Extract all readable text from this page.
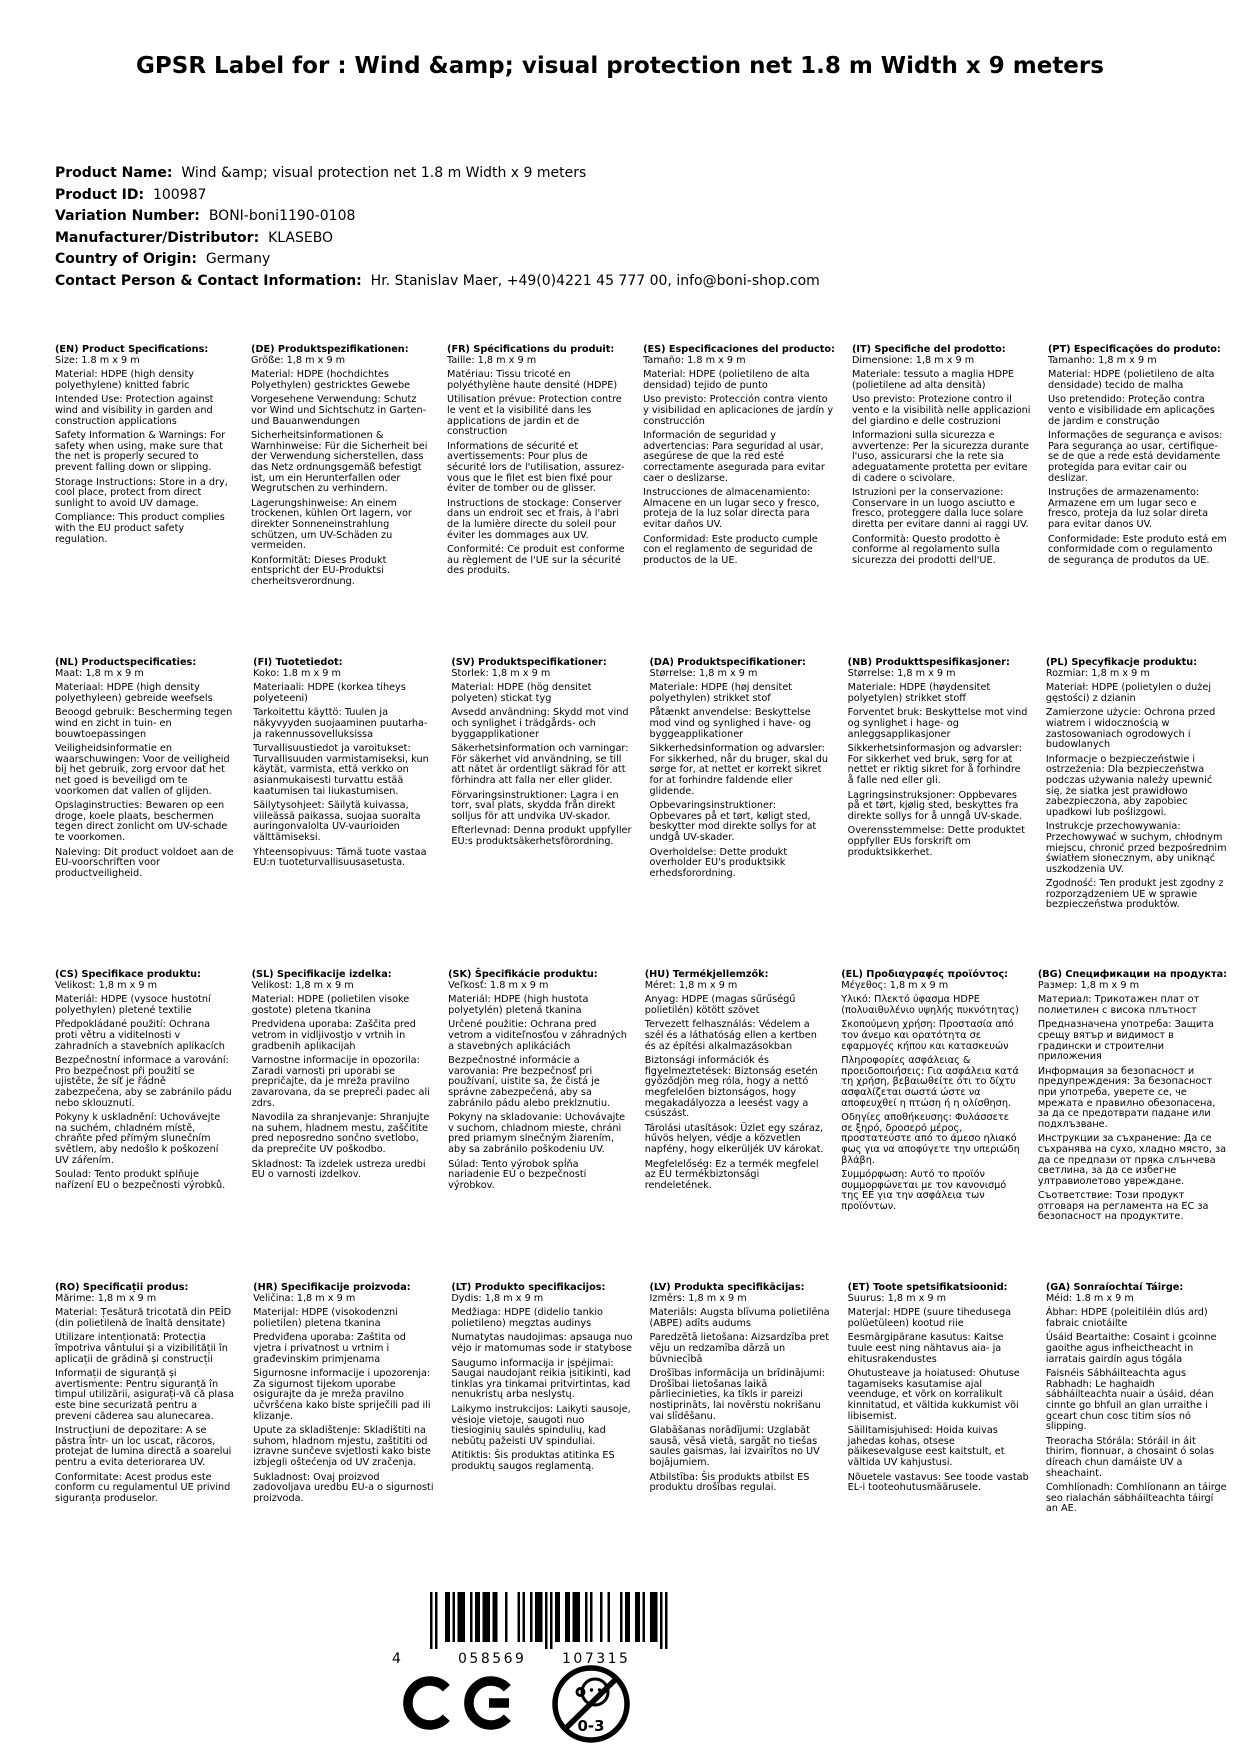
GPSR Label for : Wind &amp; visual protection net 1.8 m Width x 9 meters
Product Name:  Wind &amp; visual protection net 1.8 m Width x 9 meters
Product ID:  100987
Variation Number:  BONI-boni1190-0108
Manufacturer/Distributor:  KLASEBO
Country of Origin:  Germany
Contact Person & Contact Information:  Hr. Stanislav Maer, +49(0)4221 45 777 00, info@boni-shop.com
(EN) Product Specifications:
Size: 1.8 m x 9 m
Material: HDPE (high density polyethylene) knitted fabric
Intended Use: Protection against wind and visibility in garden and construction applications
Safety Information & Warnings: For safety when using, make sure that the net is properly secured to prevent falling down or slipping.
Storage Instructions: Store in a dry, cool place, protect from direct sunlight to avoid UV damage.
Compliance: This product complies with the EU product safety regulation.
(DE) Produktspezifikationen:
Größe: 1,8 m x 9 m
Material: HDPE (hochdichtes Polyethylen) gestricktes Gewebe
Vorgesehene Verwendung: Schutz vor Wind und Sichtschutz in Garten- und Bauanwendungen
Sicherheitsinformationen & Warnhinweise: Für die Sicherheit bei der Verwendung sicherstellen, dass das Netz ordnungsgemäß befestigt ist, um ein Herunterfallen oder Wegrutschen zu verhindern.
Lagerungshinweise: An einem trockenen, kühlen Ort lagern, vor direkter Sonneneinstrahlung schützen, um UV-Schäden zu vermeiden.
Konformität: Dieses Produkt entspricht der EU-Produktsi cherheitsverordnung.
(FR) Spécifications du produit:
Taille: 1,8 m x 9 m
Matériau: Tissu tricoté en polyéthylène haute densité (HDPE)
Utilisation prévue: Protection contre le vent et la visibilité dans les applications de jardin et de construction
Informations de sécurité et avertissements: Pour plus de sécurité lors de l'utilisation, assurez-vous que le filet est bien fixé pour éviter de tomber ou de glisser.
Instructions de stockage: Conserver dans un endroit sec et frais, à l'abri de la lumière directe du soleil pour éviter les dommages aux UV.
Conformité: Ce produit est conforme au règlement de l'UE sur la sécurité des produits.
(ES) Especificaciones del producto:
Tamaño: 1.8 m x 9 m
Material: HDPE (polietileno de alta densidad) tejido de punto
Uso previsto: Protección contra viento y visibilidad en aplicaciones de jardín y construcción
Información de seguridad y advertencias: Para seguridad al usar, asegúrese de que la red esté correctamente asegurada para evitar caer o deslizarse.
Instrucciones de almacenamiento: Almacene en un lugar seco y fresco, proteja de la luz solar directa para evitar daños UV.
Conformidad: Este producto cumple con el reglamento de seguridad de productos de la UE.
(IT) Specifiche del prodotto:
Dimensione: 1,8 m x 9 m
Materiale: tessuto a maglia HDPE (polietilene ad alta densità)
Uso previsto: Protezione contro il vento e la visibilità nelle applicazioni del giardino e delle costruzioni
Informazioni sulla sicurezza e avvertenze: Per la sicurezza durante l'uso, assicurarsi che la rete sia adeguatamente protetta per evitare di cadere o scivolare.
Istruzioni per la conservazione: Conservare in un luogo asciutto e fresco, proteggere dalla luce solare diretta per evitare danni ai raggi UV.
Conformità: Questo prodotto è conforme al regolamento sulla sicurezza dei prodotti dell'UE.
(PT) Especificações do produto:
Tamanho: 1,8 m x 9 m
Material: HDPE (polietileno de alta densidade) tecido de malha
Uso pretendido: Proteção contra vento e visibilidade em aplicações de jardim e construção
Informações de segurança e avisos: Para segurança ao usar, certifique-se de que a rede está devidamente protegida para evitar cair ou deslizar.
Instruções de armazenamento: Armazene em um lugar seco e fresco, proteja da luz solar direta para evitar danos UV.
Conformidade: Este produto está em conformidade com o regulamento de segurança de produtos da UE.
(NL) Productspecificaties:
Maat: 1,8 m x 9 m
Materiaal: HDPE (high density polyethyleen) gebreide weefsels
Beoogd gebruik: Bescherming tegen wind en zicht in tuin- en bouwtoepassingen
Veiligheidsinformatie en waarschuwingen: Voor de veiligheid bij het gebruik, zorg ervoor dat het net goed is beveiligd om te voorkomen dat vallen of glijden.
Opslaginstructies: Bewaren op een droge, koele plaats, beschermen tegen direct zonlicht om UV-schade te voorkomen.
Naleving: Dit product voldoet aan de EU-voorschriften voor productveiligheid.
(FI) Tuotetiedot:
Koko: 1.8 m x 9 m
Materiaali: HDPE (korkea tiheys polyeteeni)
Tarkoitettu käyttö: Tuulen ja näkyvyyden suojaaminen puutarha- ja rakennussovelluksissa
Turvallisuustiedot ja varoitukset: Turvallisuuden varmistamiseksi, kun käytät, varmista, että verkko on asianmukaisesti turvattu estää kaatumisen tai liukastumisen.
Säilytysohjeet: Säilytä kuivassa, viileässä paikassa, suojaa suoralta auringonvalolta UV-vaurioiden välttämiseksi.
Yhteensopivuus: Tämä tuote vastaa EU:n tuoteturvallisuusasetusta.
(SV) Produktspecifikationer:
Storlek: 1,8 m x 9 m
Material: HDPE (hög densitet polyeten) stickat tyg
Avsedd användning: Skydd mot vind och synlighet i trädgårds- och byggapplikationer
Säkerhetsinformation och varningar: För säkerhet vid användning, se till att nätet är ordentligt säkrad för att förhindra att falla ner eller glider.
Förvaringsinstruktioner: Lagra i en torr, sval plats, skydda från direkt solljus för att undvika UV-skador.
Efterlevnad: Denna produkt uppfyller EU:s produktsäkerhetsförordning.
(DA) Produktspecifikationer:
Størrelse: 1,8 m x 9 m
Materiale: HDPE (høj densitet polyethylen) strikket stof
Påtænkt anvendelse: Beskyttelse mod vind og synlighed i have- og byggeapplikationer
Sikkerhedsinformation og advarsler: For sikkerhed, når du bruger, skal du sørge for, at nettet er korrekt sikret for at forhindre faldende eller glidende.
Opbevaringsinstruktioner: Opbevares på et tørt, køligt sted, beskytter mod direkte sollys for at undgå UV-skader.
Overholdelse: Dette produkt overholder EU's produktsikk erhedsforordning.
(NB) Produkttspesifikasjoner:
Størrelse: 1,8 m x 9 m
Materiale: HDPE (høydensitet polyetylen) strikket stoff
Forventet bruk: Beskyttelse mot vind og synlighet i hage- og anleggsapplikasjoner
Sikkerhetsinformasjon og advarsler: For sikkerhet ved bruk, sørg for at nettet er riktig sikret for å forhindre å falle ned eller gli.
Lagringsinstruksjoner: Oppbevares på et tørt, kjølig sted, beskyttes fra direkte sollys for å unngå UV-skade.
Overensstemmelse: Dette produktet oppfyller EUs forskrift om produktsikkerhet.
(PL) Specyfikacje produktu:
Rozmiar: 1,8 m x 9 m
Materiał: HDPE (polietylen o dużej gęstości) z dzianin
Zamierzone użycie: Ochrona przed wiatrem i widocznością w zastosowaniach ogrodowych i budowlanych
Informacje o bezpieczeństwie i ostrzeżenia: Dla bezpieczeństwa podczas używania należy upewnić się, że siatka jest prawidłowo zabezpieczona, aby zapobiec upadkowi lub poślizgowi.
Instrukcje przechowywania: Przechowywać w suchym, chłodnym miejscu, chronić przed bezpośrednim światłem słonecznym, aby uniknąć uszkodzenia UV.
Zgodność: Ten produkt jest zgodny z rozporządzeniem UE w sprawie bezpieczeństwa produktów.
(CS) Specifikace produktu:
Velikost: 1,8 m x 9 m
Materiál: HDPE (vysoce hustotní polyethylen) pletené textilie
Předpokládané použití: Ochrana proti větru a viditelnosti v zahradních a stavebních aplikacích
Bezpečnostní informace a varování: Pro bezpečnost při použití se ujistěte, že síť je řádně zabezpečena, aby se zabránilo pádu nebo sklouznutí.
Pokyny k uskladnění: Uchovávejte na suchém, chladném místě, chraňte před přímým slunečním světlem, aby nedošlo k poškození UV zářením.
Soulad: Tento produkt splňuje nařízení EU o bezpečnosti výrobků.
(SL) Specifikacije izdelka:
Velikost: 1,8 m x 9 m
Material: HDPE (polietilen visoke gostote) pletena tkanina
Predvidena uporaba: Zaščita pred vetrom in vidljivostjo v vrtnih in gradbenih aplikacijah
Varnostne informacije in opozorila: Zaradi varnosti pri uporabi se prepričajte, da je mreža pravilno zavarovana, da se prepreči padec ali zdrs.
Navodila za shranjevanje: Shranjujte na suhem, hladnem mestu, zaščitite pred neposredno sončno svetlobo, da preprečite UV poškodbo.
Skladnost: Ta izdelek ustreza uredbi EU o varnosti izdelkov.
(SK) Špecifikácie produktu:
Veľkosť: 1.8 m x 9 m
Materiál: HDPE (high hustota polyetylén) pletená tkanina
Určené použitie: Ochrana pred vetrom a viditeľnosťou v záhradných a stavebných aplikáciách
Bezpečnostné informácie a varovania: Pre bezpečnosť pri používaní, uistite sa, že čistá je správne zabezpečená, aby sa zabránilo pádu alebo preklznutiu.
Pokyny na skladovanie: Uchovávajte v suchom, chladnom mieste, chráni pred priamym slnečným žiarením, aby sa zabránilo poškodeniu UV.
Súlad: Tento výrobok spĺňa nariadenie EÚ o bezpečnosti výrobkov.
(HU) Termékjellemzők:
Méret: 1,8 m x 9 m
Anyag: HDPE (magas sűrűségű polietilén) kötött szövet
Tervezett felhasználás: Védelem a szél és a láthatóság ellen a kertben és az építési alkalmazásokban
Biztonsági információk és figyelmeztetések: Biztonság esetén győződjön meg róla, hogy a nettó megfelelően biztonságos, hogy megakadályozza a leesést vagy a csúszást.
Tárolási utasítások: Üzlet egy száraz, hűvös helyen, védje a közvetlen napfény, hogy elkerüljék UV károkat.
Megfelelőség: Ez a termék megfelel az EU termékbiztonsági rendeletének.
(EL) Προδιαγραφές προϊόντος:
Μέγεθος: 1,8 m x 9 m
Υλικό: Πλεκτό ύφασμα HDPE (πολυαιθυλένιο υψηλής πυκνότητας)
Σκοπούμενη χρήση: Προστασία από τον άνεμο και ορατότητα σε εφαρμογές κήπου και κατασκευών
Πληροφορίες ασφάλειας & προειδοποιήσεις: Για ασφάλεια κατά τη χρήση, βεβαιωθείτε ότι το δίχτυ ασφαλίζεται σωστά ώστε να αποφευχθεί η πτώση ή η ολίσθηση.
Οδηγίες αποθήκευσης: Φυλάσσετε σε ξηρό, δροσερό μέρος, προστατεύστε από το άμεσο ηλιακό φως για να αποφύγετε την υπεριώδη βλάβη.
Συμμόρφωση: Αυτό το προϊόν συμμορφώνεται με τον κανονισμό της ΕΕ για την ασφάλεια των προϊόντων.
(BG) Спецификации на продукта:
Размер: 1,8 m x 9 m
Материал: Трикотажен плат от полиетилен с висока плътност
Предназначена употреба: Защита срещу вятър и видимост в градински и строителни приложения
Информация за безопасност и предупреждения: За безопасност при употреба, уверете се, че мрежата е правилно обезопасена, за да се предотврати падане или подхлъзване.
Инструкции за съхранение: Да се съхранява на сухо, хладно място, за да се предпази от пряка слънчева светлина, за да се избегне ултравиолетово увреждане.
Съответствие: Този продукт отговаря на регламента на ЕС за безопасност на продуктите.
(RO) Specificații produs:
Mărime: 1,8 m x 9 m
Material: Țesătură tricotată din PEÎD (din polietilenă de înaltă densitate)
Utilizare intenționată: Protecția împotriva vântului și a vizibilității în aplicații de grădină și construcții
Informații de siguranță și avertismente: Pentru siguranță în timpul utilizării, asigurați-vă că plasa este bine securizată pentru a preveni căderea sau alunecarea.
Instrucțiuni de depozitare: A se păstra într- un loc uscat, răcoros, protejat de lumina directă a soarelui pentru a evita deteriorarea UV.
Conformitate: Acest produs este conform cu regulamentul UE privind siguranța produselor.
(HR) Specifikacije proizvoda:
Veličina: 1,8 m x 9 m
Materijal: HDPE (visokodenzni polietilen) pletena tkanina
Predviđena uporaba: Zaštita od vjetra i privatnost u vrtnim i građevinskim primjenama
Sigurnosne informacije i upozorenja: Za sigurnost tijekom uporabe osigurajte da je mreža pravilno učvršćena kako biste spriječili pad ili klizanje.
Upute za skladištenje: Skladištiti na suhom, hladnom mjestu, zaštititi od izravne sunčeve svjetlosti kako biste izbjegli oštećenja od UV zračenja.
Sukladnost: Ovaj proizvod zadovoljava uredbu EU-a o sigurnosti proizvoda.
(LT) Produkto specifikacijos:
Dydis: 1,8 m x 9 m
Medžiaga: HDPE (didelio tankio polietileno) megztas audinys
Numatytas naudojimas: apsauga nuo vėjo ir matomumas sode ir statybose
Saugumo informacija ir įspėjimai: Saugai naudojant reikia įsitikinti, kad tinklas yra tinkamai pritvirtintas, kad nenukristų arba neslystų.
Laikymo instrukcijos: Laikyti sausoje, vėsioje vietoje, saugoti nuo tiesioginių saulės spindulių, kad nebūtų pažeisti UV spinduliai.
Atitiktis: Šis produktas atitinka ES produktų saugos reglamentą.
(LV) Produkta specifikācijas:
Izmērs: 1,8 m x 9 m
Materiāls: Augsta blīvuma polietilēna (ABPE) adīts audums
Paredzētā lietošana: Aizsardzība pret vēju un redzamība dārzā un būvniecībā
Drošības informācija un brīdinājumi: Drošībai lietošanas laikā pārliecinieties, ka tīkls ir pareizi nostiprināts, lai novērstu nokrišanu vai slīdēšanu.
Glabāšanas norādījumi: Uzglabāt sausā, vēsā vietā, sargāt no tiešas saules gaismas, lai izvairītos no UV bojājumiem.
Atbilstība: Šis produkts atbilst ES produktu drošības regulai.
(ET) Toote spetsifikatsioonid:
Suurus: 1,8 m x 9 m
Materjal: HDPE (suure tihedusega polüetüleen) kootud riie
Eesmärgipärane kasutus: Kaitse tuule eest ning nähtavus aia- ja ehitusrakendustes
Ohutusteave ja hoiatused: Ohutuse tagamiseks kasutamise ajal veenduge, et võrk on korralikult kinnitatud, et vältida kukkumist või libisemist.
Säilitamisjuhised: Hoida kuivas jahedas kohas, otsese päikesevalguse eest kaitstult, et vältida UV kahjustusi.
Nõuetele vastavus: See toode vastab EL-i tooteohutusmäärusele.
(GA) Sonraíochtaí Táirge:
Méid: 1.8 m x 9 m
Ábhar: HDPE (poleitiléin dlús ard) fabraic cniotáilte
Úsáid Beartaithe: Cosaint i gcoinne gaoithe agus infheictheacht in iarratais gairdín agus tógála
Faisnéis Sábháilteachta agus Rabhadh: Le haghaidh sábháilteachta nuair a úsáid, déan cinnte go bhfuil an glan urraithe i gceart chun cosc titim síos nó slipping.
Treoracha Stórála: Stóráil in áit thirim, fionnuar, a chosaint ó solas díreach chun damáiste UV a sheachaint.
Comhlíonadh: Comhlíonann an táirge seo rialachán sábháilteachta táirgí an AE.
4	058569	107315
0-3
